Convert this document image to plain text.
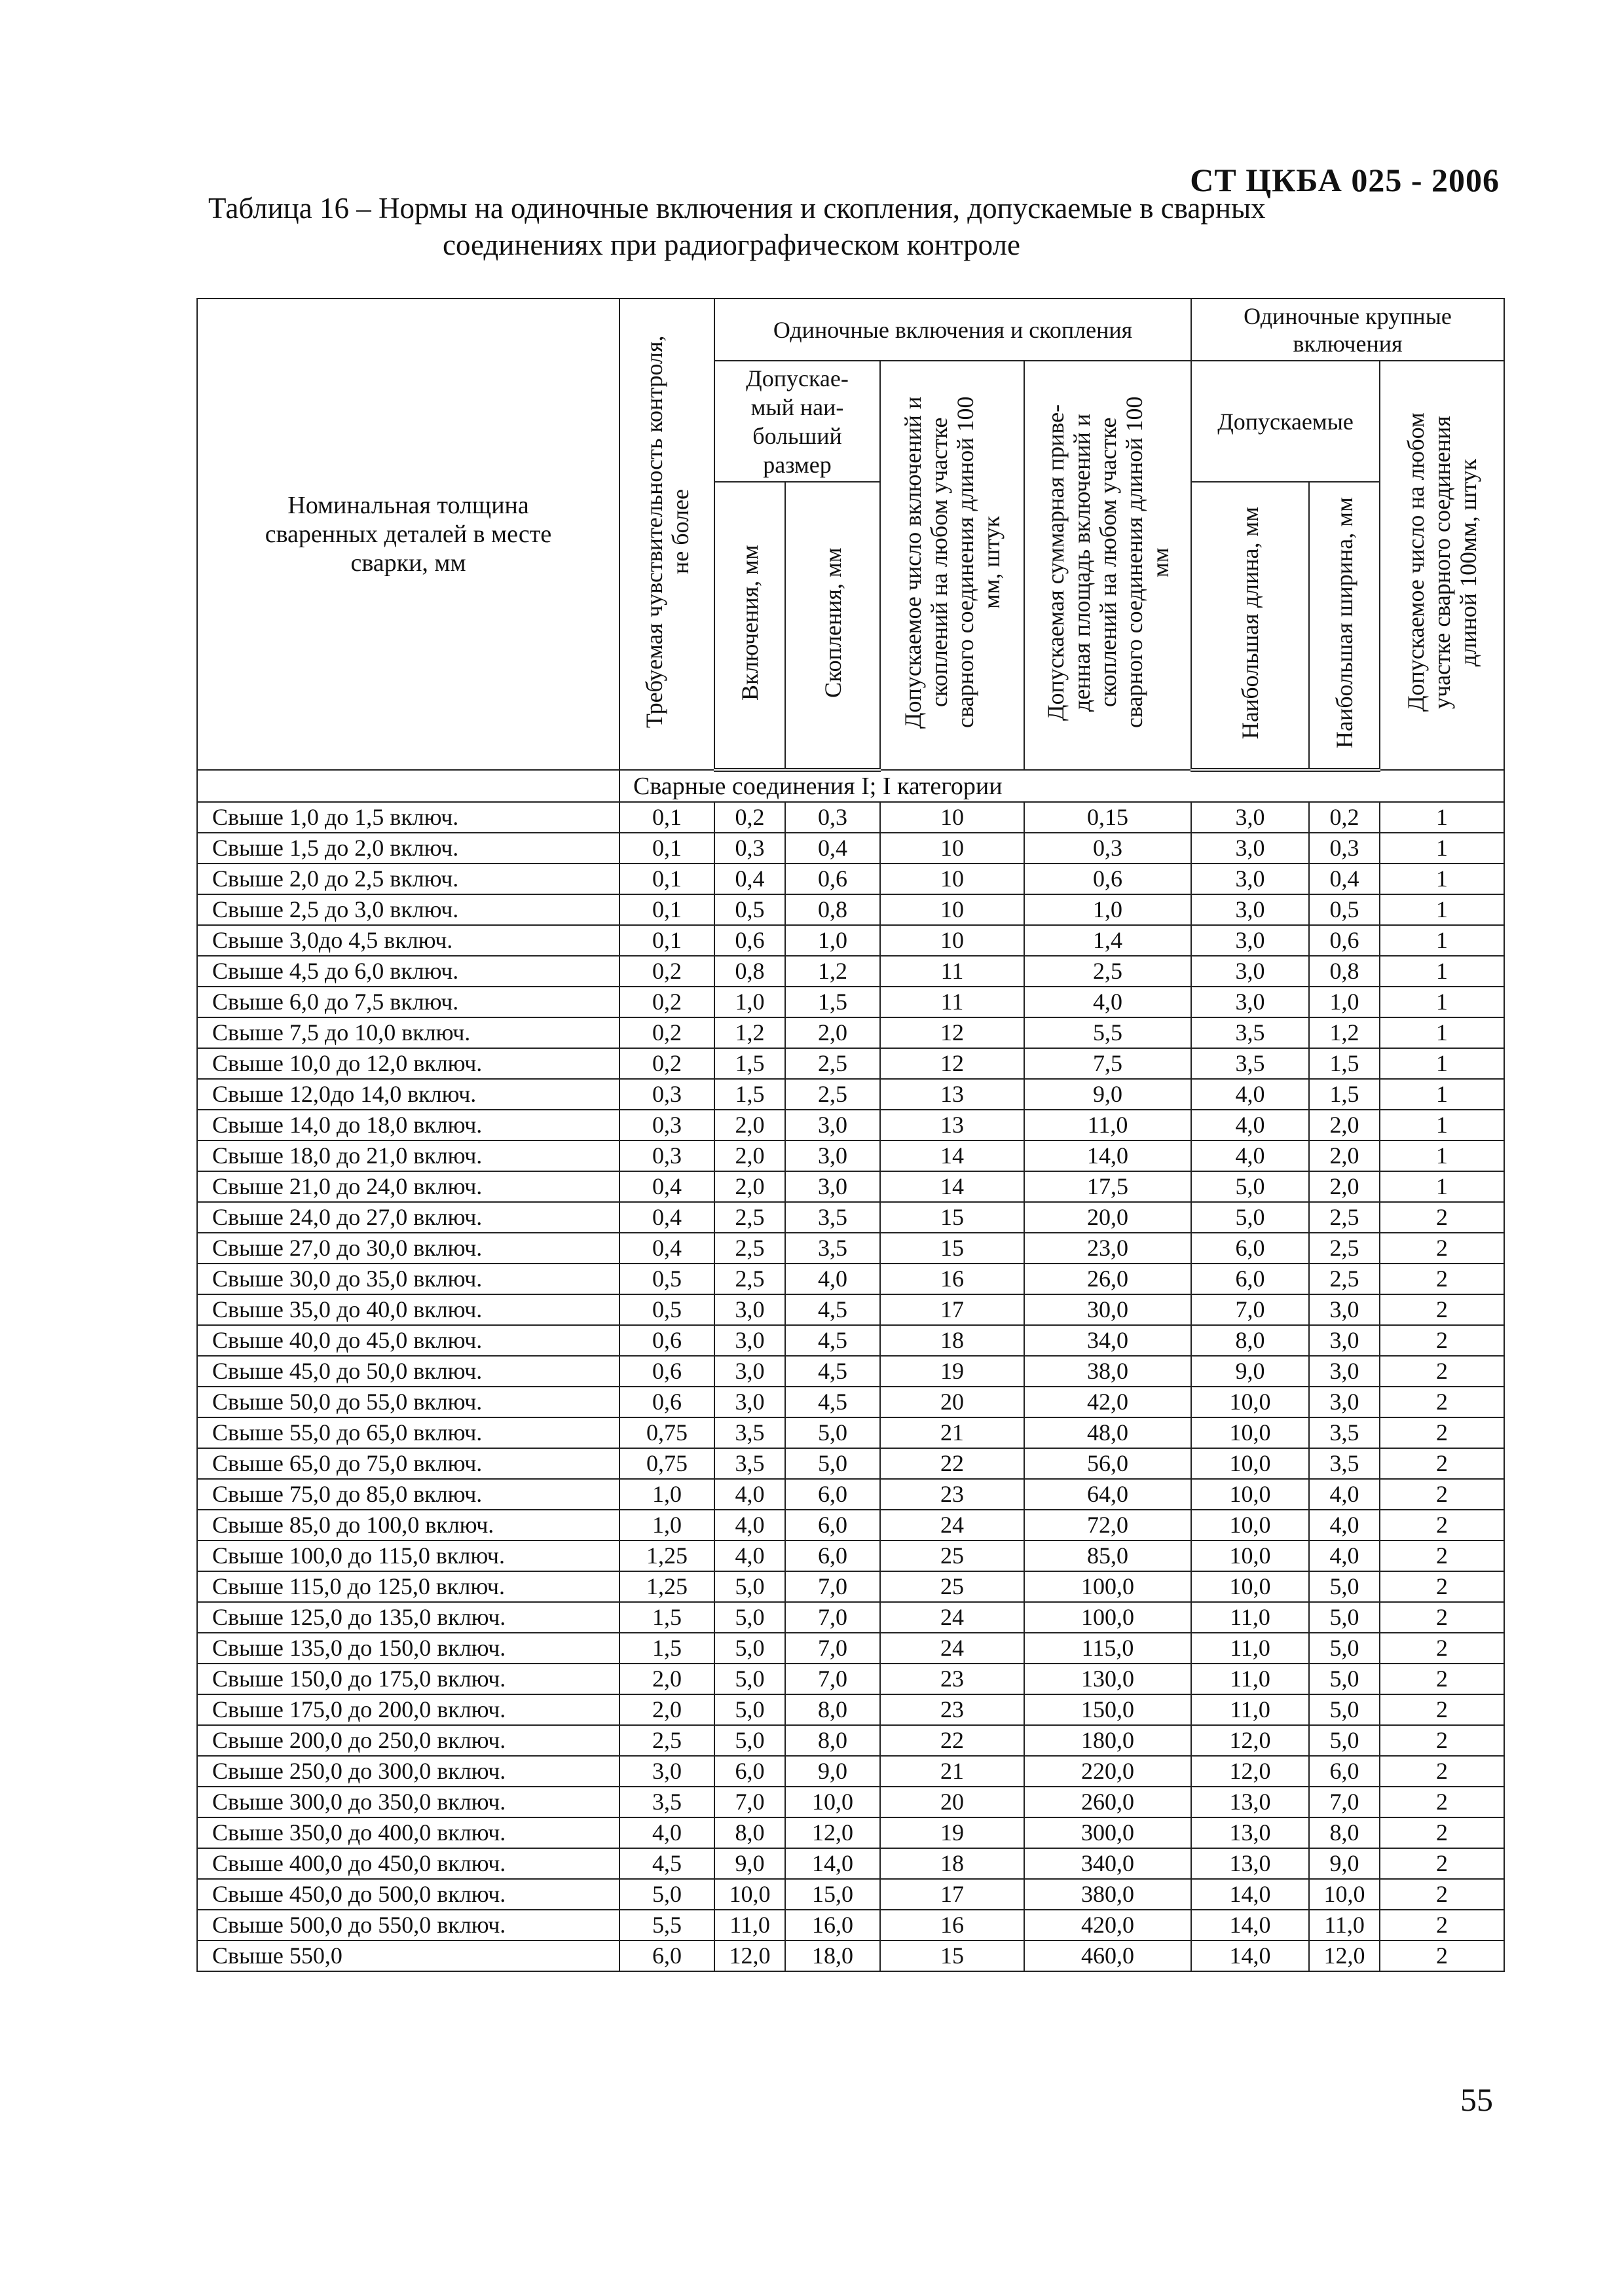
СТ ЦКБА 025 - 2006
Таблица 16 – Нормы на одиночные включения и скопления, допускаемые в сварных
соединениях при радиографическом контроле
Номинальная толщина сваренных деталей в месте сварки, мм	Требуемая чувствительность контроля, не более	Одиночные включения и скопления				Одиночные крупные включения		
		Допускае-мый наи-больший размер		Допускаемое число включений и скоплений на любом участке сварного соединения длиной 100 мм, штук	Допускаемая суммарная приве-денная площадь включений и скоплений на любом участке сварного соединения длиной 100 мм	Допускаемые		Допускаемое число на любом участке сварного соединения длиной 100мм, штук
		Включения, мм	Скопления, мм			Наибольшая длина, мм	Наибольшая ширина, мм	
	Сварные соединения I; I категории							
Свыше 1,0 до 1,5 включ.	0,1	0,2	0,3	10	0,15	3,0	0,2	1
Свыше 1,5 до 2,0 включ.	0,1	0,3	0,4	10	0,3	3,0	0,3	1
Свыше 2,0 до 2,5 включ.	0,1	0,4	0,6	10	0,6	3,0	0,4	1
Свыше 2,5 до 3,0 включ.	0,1	0,5	0,8	10	1,0	3,0	0,5	1
Свыше 3,0до 4,5 включ.	0,1	0,6	1,0	10	1,4	3,0	0,6	1
Свыше 4,5 до 6,0 включ.	0,2	0,8	1,2	11	2,5	3,0	0,8	1
Свыше 6,0 до 7,5 включ.	0,2	1,0	1,5	11	4,0	3,0	1,0	1
Свыше 7,5 до 10,0 включ.	0,2	1,2	2,0	12	5,5	3,5	1,2	1
Свыше 10,0 до 12,0 включ.	0,2	1,5	2,5	12	7,5	3,5	1,5	1
Свыше 12,0до 14,0 включ.	0,3	1,5	2,5	13	9,0	4,0	1,5	1
Свыше 14,0 до 18,0 включ.	0,3	2,0	3,0	13	11,0	4,0	2,0	1
Свыше 18,0 до 21,0 включ.	0,3	2,0	3,0	14	14,0	4,0	2,0	1
Свыше 21,0 до 24,0 включ.	0,4	2,0	3,0	14	17,5	5,0	2,0	1
Свыше 24,0 до 27,0 включ.	0,4	2,5	3,5	15	20,0	5,0	2,5	2
Свыше 27,0 до 30,0 включ.	0,4	2,5	3,5	15	23,0	6,0	2,5	2
Свыше 30,0 до 35,0 включ.	0,5	2,5	4,0	16	26,0	6,0	2,5	2
Свыше 35,0 до 40,0 включ.	0,5	3,0	4,5	17	30,0	7,0	3,0	2
Свыше 40,0 до 45,0 включ.	0,6	3,0	4,5	18	34,0	8,0	3,0	2
Свыше 45,0 до 50,0 включ.	0,6	3,0	4,5	19	38,0	9,0	3,0	2
Свыше 50,0 до 55,0 включ.	0,6	3,0	4,5	20	42,0	10,0	3,0	2
Свыше 55,0 до 65,0 включ.	0,75	3,5	5,0	21	48,0	10,0	3,5	2
Свыше 65,0 до 75,0 включ.	0,75	3,5	5,0	22	56,0	10,0	3,5	2
Свыше 75,0 до 85,0 включ.	1,0	4,0	6,0	23	64,0	10,0	4,0	2
Свыше 85,0 до 100,0 включ.	1,0	4,0	6,0	24	72,0	10,0	4,0	2
Свыше 100,0 до 115,0 включ.	1,25	4,0	6,0	25	85,0	10,0	4,0	2
Свыше 115,0 до 125,0 включ.	1,25	5,0	7,0	25	100,0	10,0	5,0	2
Свыше 125,0 до 135,0 включ.	1,5	5,0	7,0	24	100,0	11,0	5,0	2
Свыше 135,0 до 150,0 включ.	1,5	5,0	7,0	24	115,0	11,0	5,0	2
Свыше 150,0 до 175,0 включ.	2,0	5,0	7,0	23	130,0	11,0	5,0	2
Свыше 175,0 до 200,0 включ.	2,0	5,0	8,0	23	150,0	11,0	5,0	2
Свыше 200,0 до 250,0 включ.	2,5	5,0	8,0	22	180,0	12,0	5,0	2
Свыше 250,0 до 300,0 включ.	3,0	6,0	9,0	21	220,0	12,0	6,0	2
Свыше 300,0 до 350,0 включ.	3,5	7,0	10,0	20	260,0	13,0	7,0	2
Свыше 350,0 до 400,0 включ.	4,0	8,0	12,0	19	300,0	13,0	8,0	2
Свыше 400,0 до 450,0 включ.	4,5	9,0	14,0	18	340,0	13,0	9,0	2
Свыше 450,0 до 500,0 включ.	5,0	10,0	15,0	17	380,0	14,0	10,0	2
Свыше 500,0 до 550,0 включ.	5,5	11,0	16,0	16	420,0	14,0	11,0	2
Свыше 550,0	6,0	12,0	18,0	15	460,0	14,0	12,0	2
55
